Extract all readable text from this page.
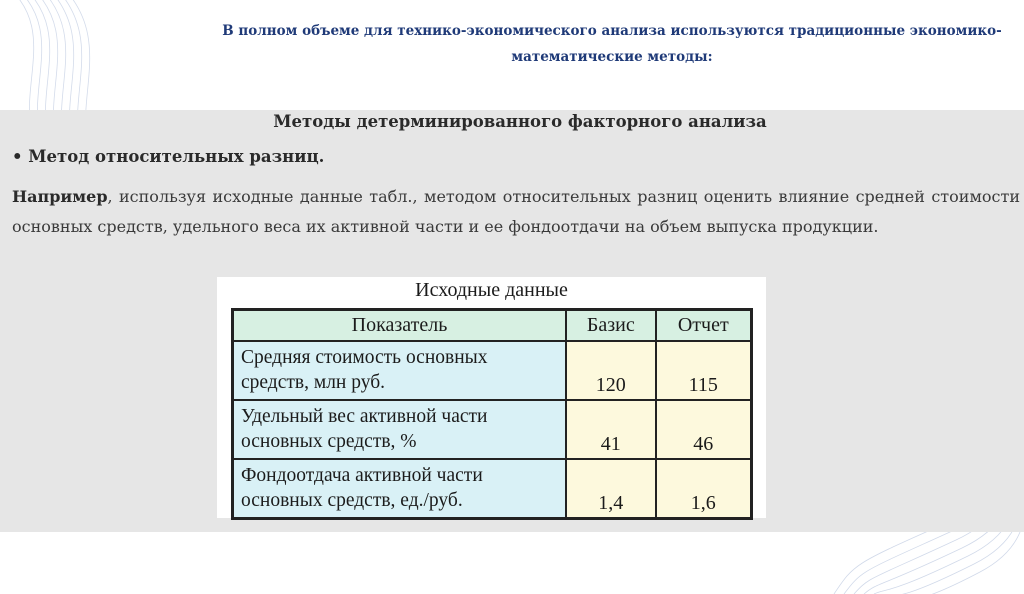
В полном объеме для технико-экономического анализа используются традиционные экономико-
математические методы:
Методы детерминированного факторного анализа
• Метод относительных разниц.
Например, используя исходные данные табл., методом относительных разниц оценить влияние средней стоимости основных средств, удельного веса их активной части и ее фондоотдачи на объем выпуска продукции.
Исходные данные
Показатель	Базис	Отчет
Средняя стоимость основных
средств, млн руб.	120	115
Удельный вес активной части
основных средств, %	41	46
Фондоотдача активной части
основных средств, ед./руб.	1,4	1,6
